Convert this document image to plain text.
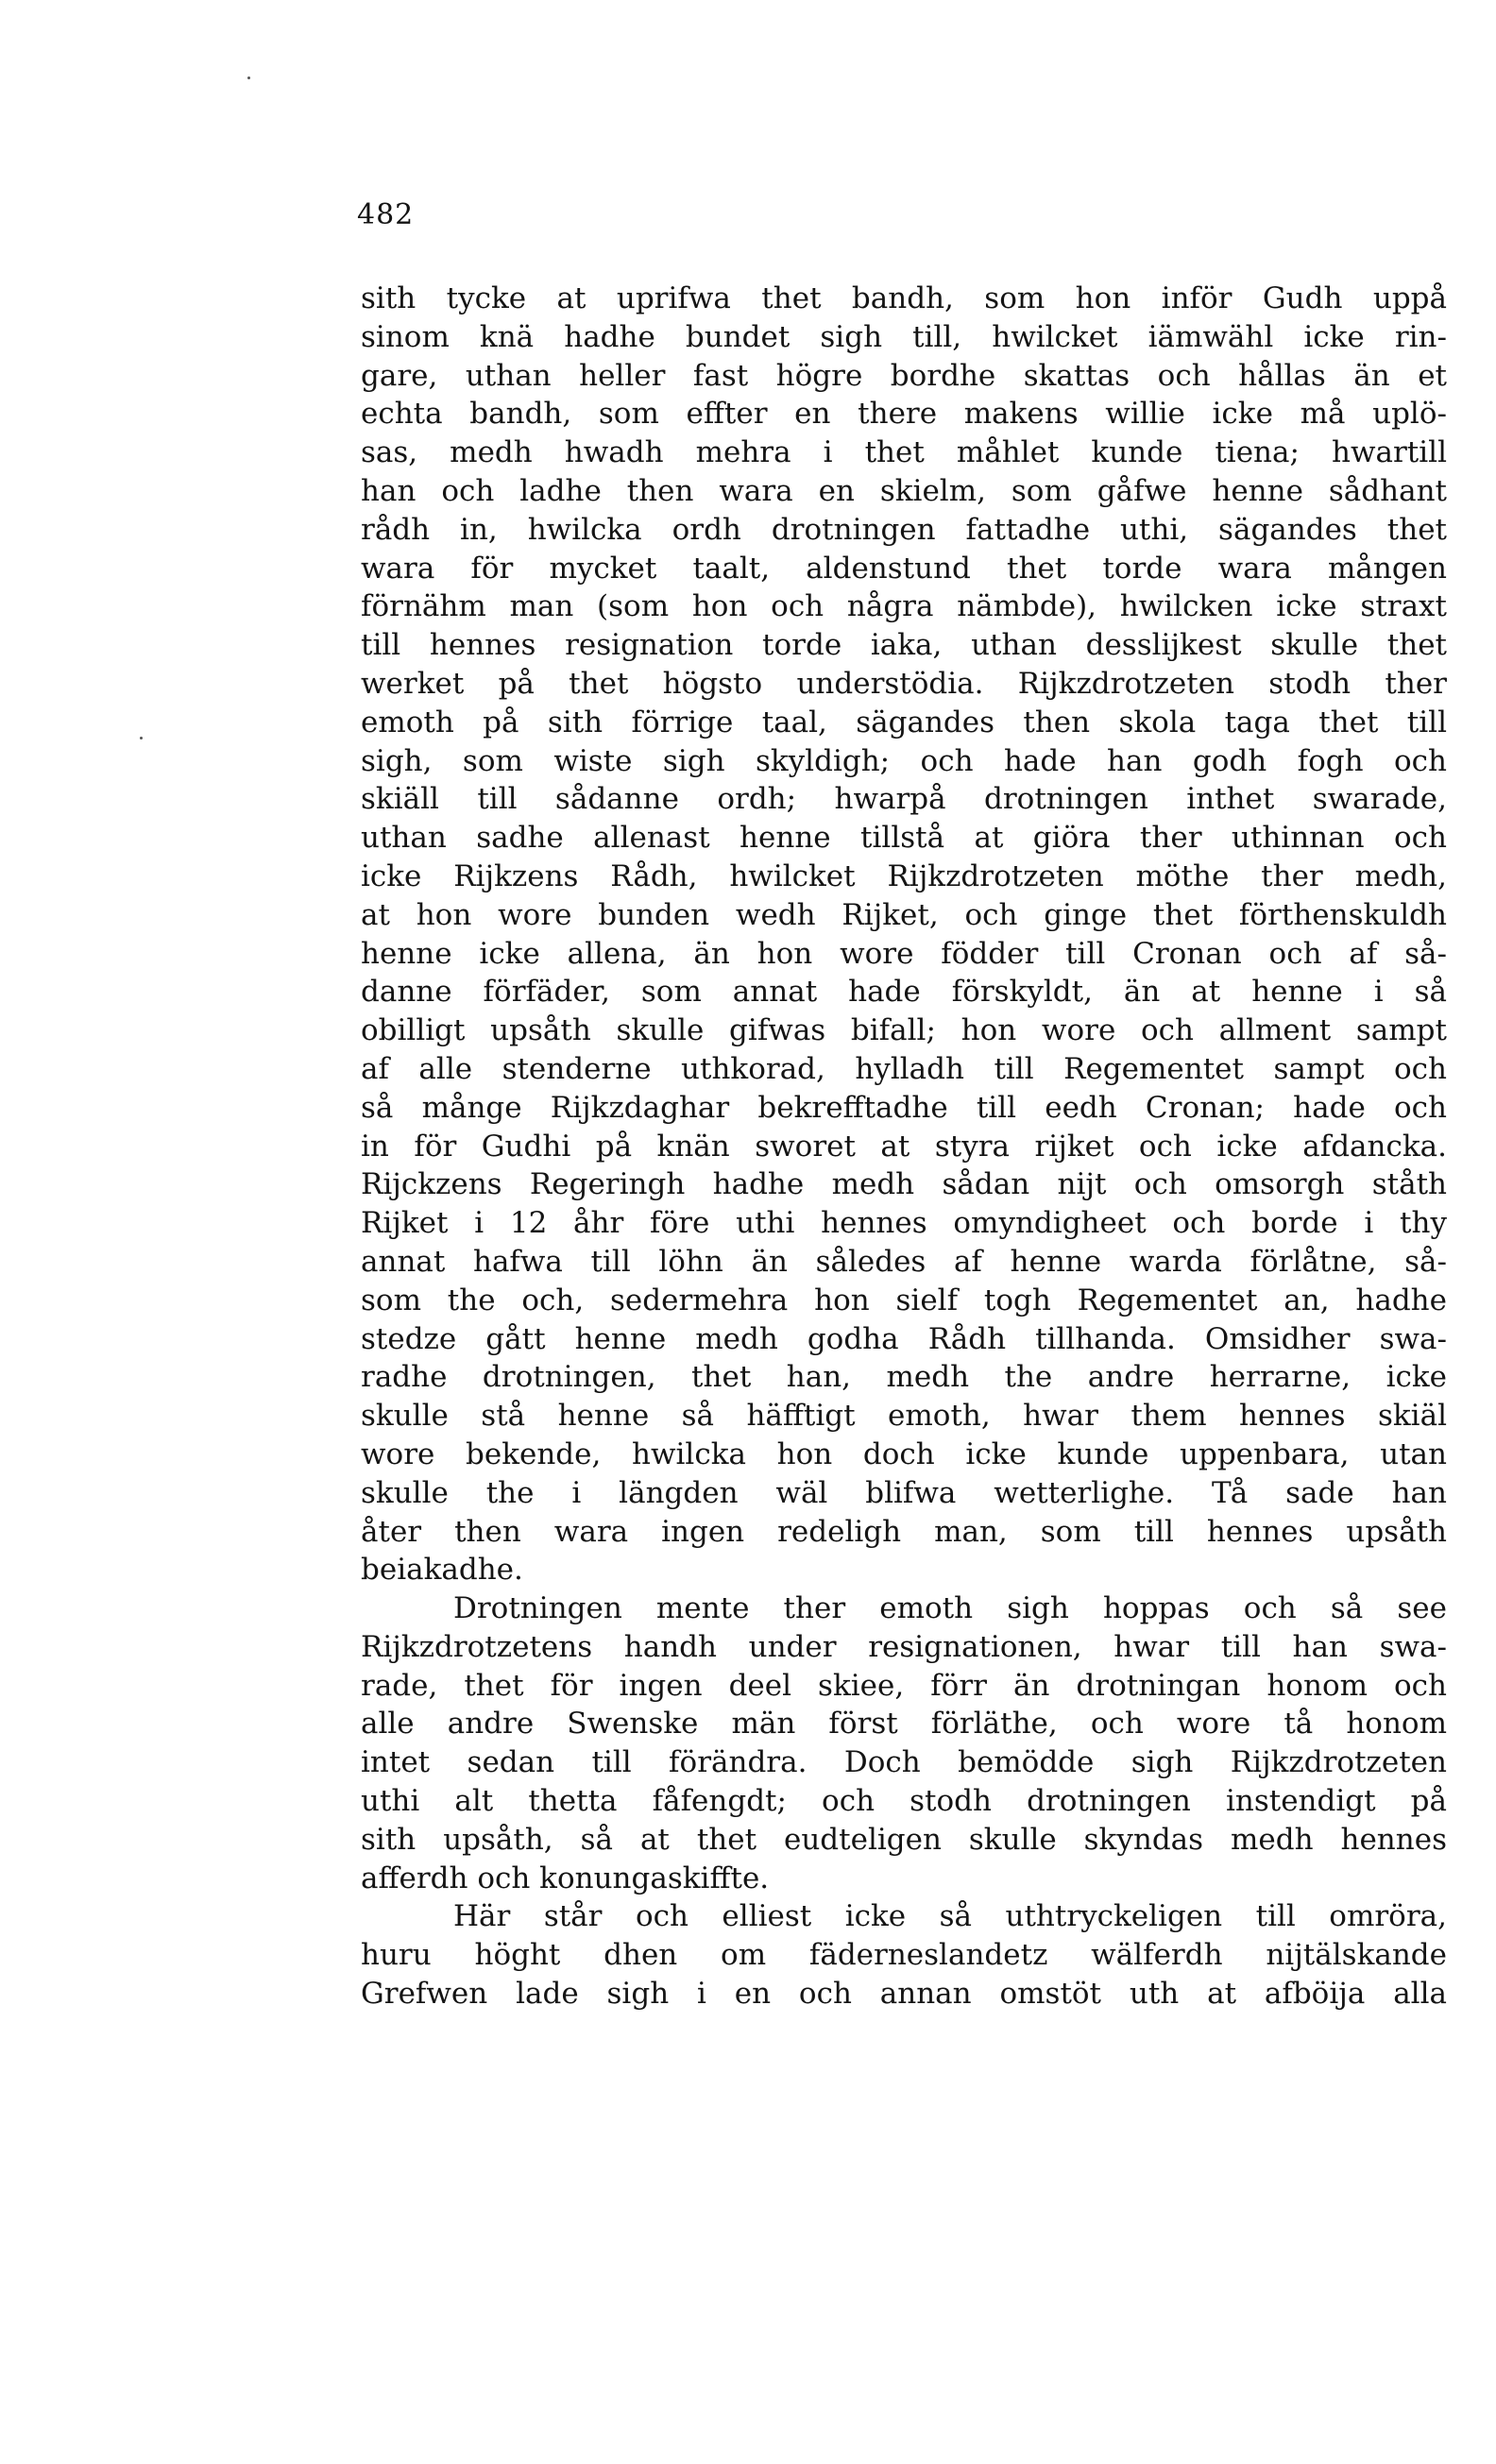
482
sith tycke at uprifwa thet bandh, som hon inför Gudh uppå
sinom knä hadhe bundet sigh till, hwilcket iämwähl icke rin-
gare, uthan heller fast högre bordhe skattas och hållas än et
echta bandh, som effter en there makens willie icke må uplö-
sas, medh hwadh mehra i thet måhlet kunde tiena; hwartill
han och ladhe then wara en skielm, som gåfwe henne sådhant
rådh in, hwilcka ordh drotningen fattadhe uthi, sägandes thet
wara för mycket taalt, aldenstund thet torde wara mången
förnähm man (som hon och några nämbde), hwilcken icke straxt
till hennes resignation torde iaka, uthan desslijkest skulle thet
werket på thet högsto understödia. Rijkzdrotzeten stodh ther
emoth på sith förrige taal, sägandes then skola taga thet till
sigh, som wiste sigh skyldigh; och hade han godh fogh och
skiäll till sådanne ordh; hwarpå drotningen inthet swarade,
uthan sadhe allenast henne tillstå at giöra ther uthinnan och
icke Rijkzens Rådh, hwilcket Rijkzdrotzeten möthe ther medh,
at hon wore bunden wedh Rijket, och ginge thet förthenskuldh
henne icke allena, än hon wore födder till Cronan och af så-
danne förfäder, som annat hade förskyldt, än at henne i så
obilligt upsåth skulle gifwas bifall; hon wore och allment sampt
af alle stenderne uthkorad, hylladh till Regementet sampt och
så månge Rijkzdaghar bekrefftadhe till eedh Cronan; hade och
in för Gudhi på knän sworet at styra rijket och icke afdancka.
Rijckzens Regeringh hadhe medh sådan nijt och omsorgh ståth
Rijket i 12 åhr före uthi hennes omyndigheet och borde i thy
annat hafwa till löhn än således af henne warda förlåtne, så-
som the och, sedermehra hon sielf togh Regementet an, hadhe
stedze gått henne medh godha Rådh tillhanda. Omsidher swa-
radhe drotningen, thet han, medh the andre herrarne, icke
skulle stå henne så häfftigt emoth, hwar them hennes skiäl
wore bekende, hwilcka hon doch icke kunde uppenbara, utan
skulle the i längden wäl blifwa wetterlighe. Tå sade han
åter then wara ingen redeligh man, som till hennes upsåth
beiakadhe.
Drotningen mente ther emoth sigh hoppas och så see
Rijkzdrotzetens handh under resignationen, hwar till han swa-
rade, thet för ingen deel skiee, förr än drotningan honom och
alle andre Swenske män först förläthe, och wore tå honom
intet sedan till förändra. Doch bemödde sigh Rijkzdrotzeten
uthi alt thetta fåfengdt; och stodh drotningen instendigt på
sith upsåth, så at thet eudteligen skulle skyndas medh hennes
afferdh och konungaskiffte.
Här står och elliest icke så uthtryckeligen till omröra,
huru höght dhen om fäderneslandetz wälferdh nijtälskande
Grefwen lade sigh i en och annan omstöt uth at afböija alla
